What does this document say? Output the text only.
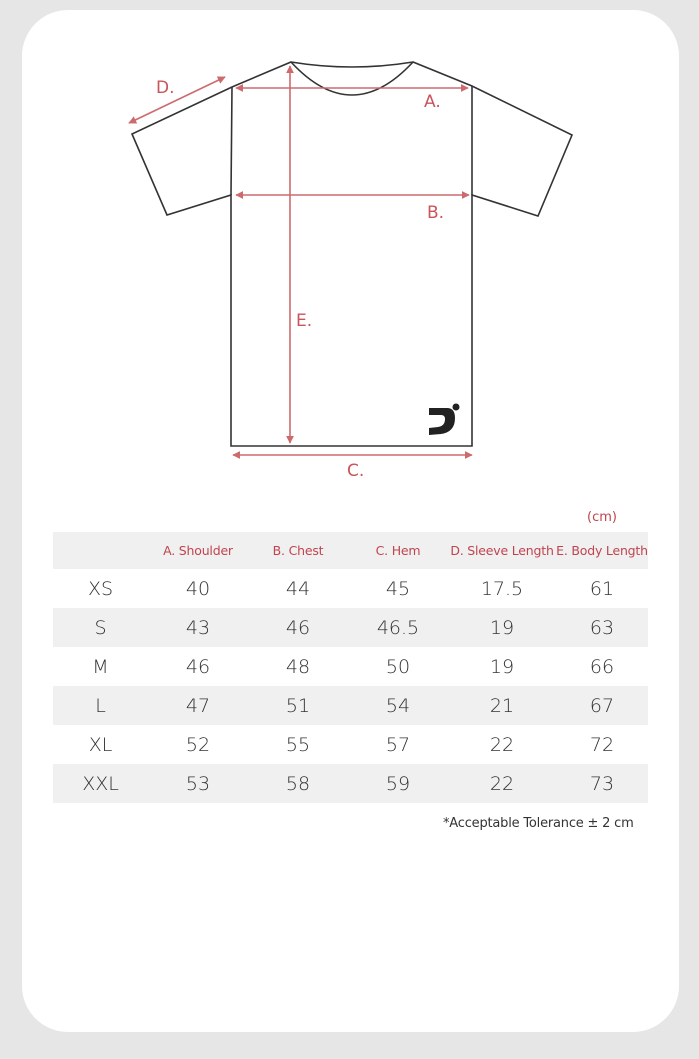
A.
B.
C.
D.
E.
(cm)
	A. Shoulder	B. Chest	C. Hem	D. Sleeve Length	E. Body Length
XS	40	44	45	17.5	61
S	43	46	46.5	19	63
M	46	48	50	19	66
L	47	51	54	21	67
XL	52	55	57	22	72
XXL	53	58	59	22	73
*Acceptable Tolerance ± 2 cm
